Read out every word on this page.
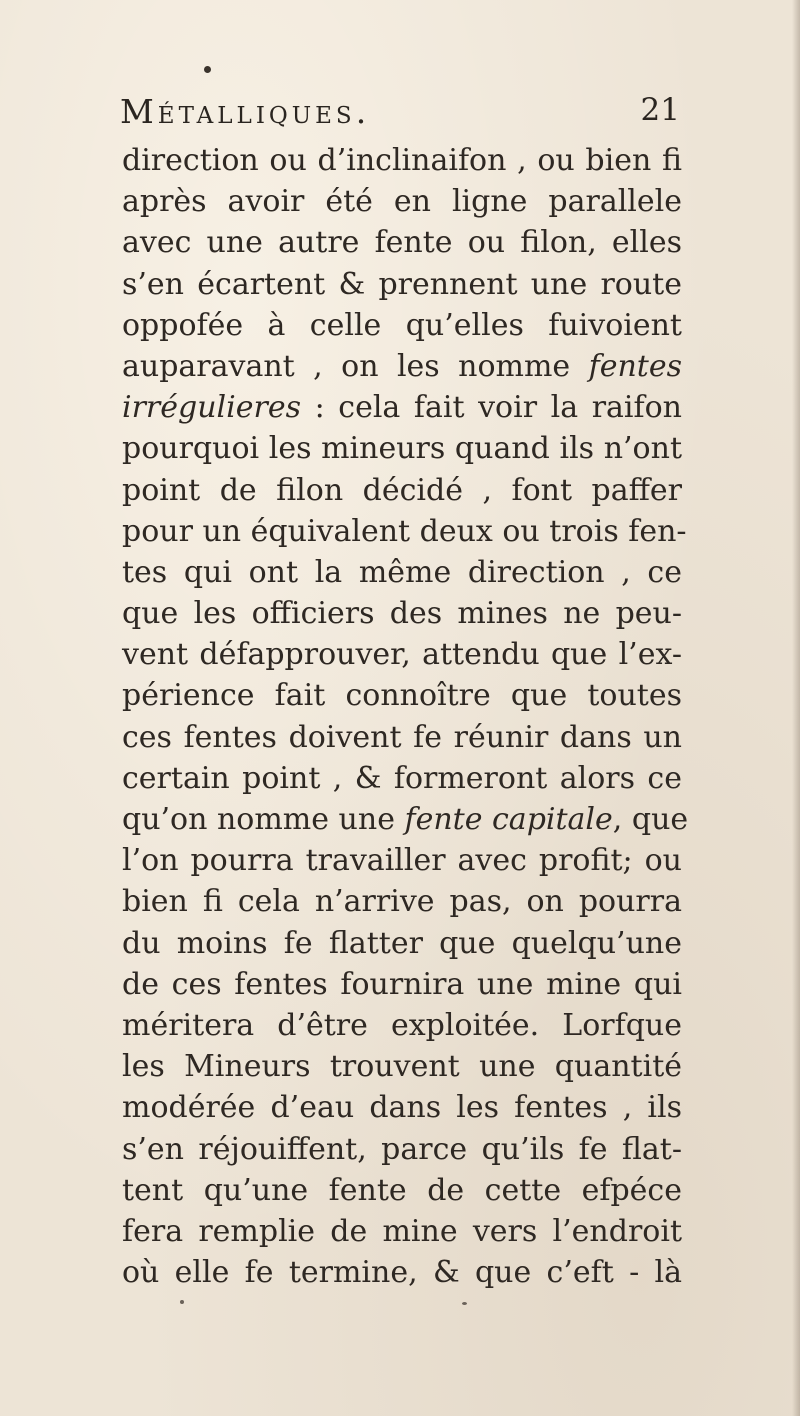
Métalliques.	21
direction ou d’inclinaifon , ou bien fi
après avoir été en ligne parallele
avec une autre fente ou filon, elles
s’en écartent & prennent une route
oppofée à celle qu’elles fuivoient
auparavant , on les nomme fentes
irrégulieres : cela fait voir la raifon
pourquoi les mineurs quand ils n’ont
point de filon décidé , font paffer
pour un équivalent deux ou trois fen-
tes qui ont la même direction , ce
que les officiers des mines ne peu-
vent défapprouver, attendu que l’ex-
périence fait connoître que toutes
ces fentes doivent fe réunir dans un
certain point , & formeront alors ce
qu’on nomme une fente capitale, que
l’on pourra travailler avec profit; ou
bien fi cela n’arrive pas, on pourra
du moins fe flatter que quelqu’une
de ces fentes fournira une mine qui
méritera d’être exploitée. Lorfque
les Mineurs trouvent une quantité
modérée d’eau dans les fentes , ils
s’en réjouiffent, parce qu’ils fe flat-
tent qu’une fente de cette efpéce
fera remplie de mine vers l’endroit
où elle fe termine, & que c’eft - là
